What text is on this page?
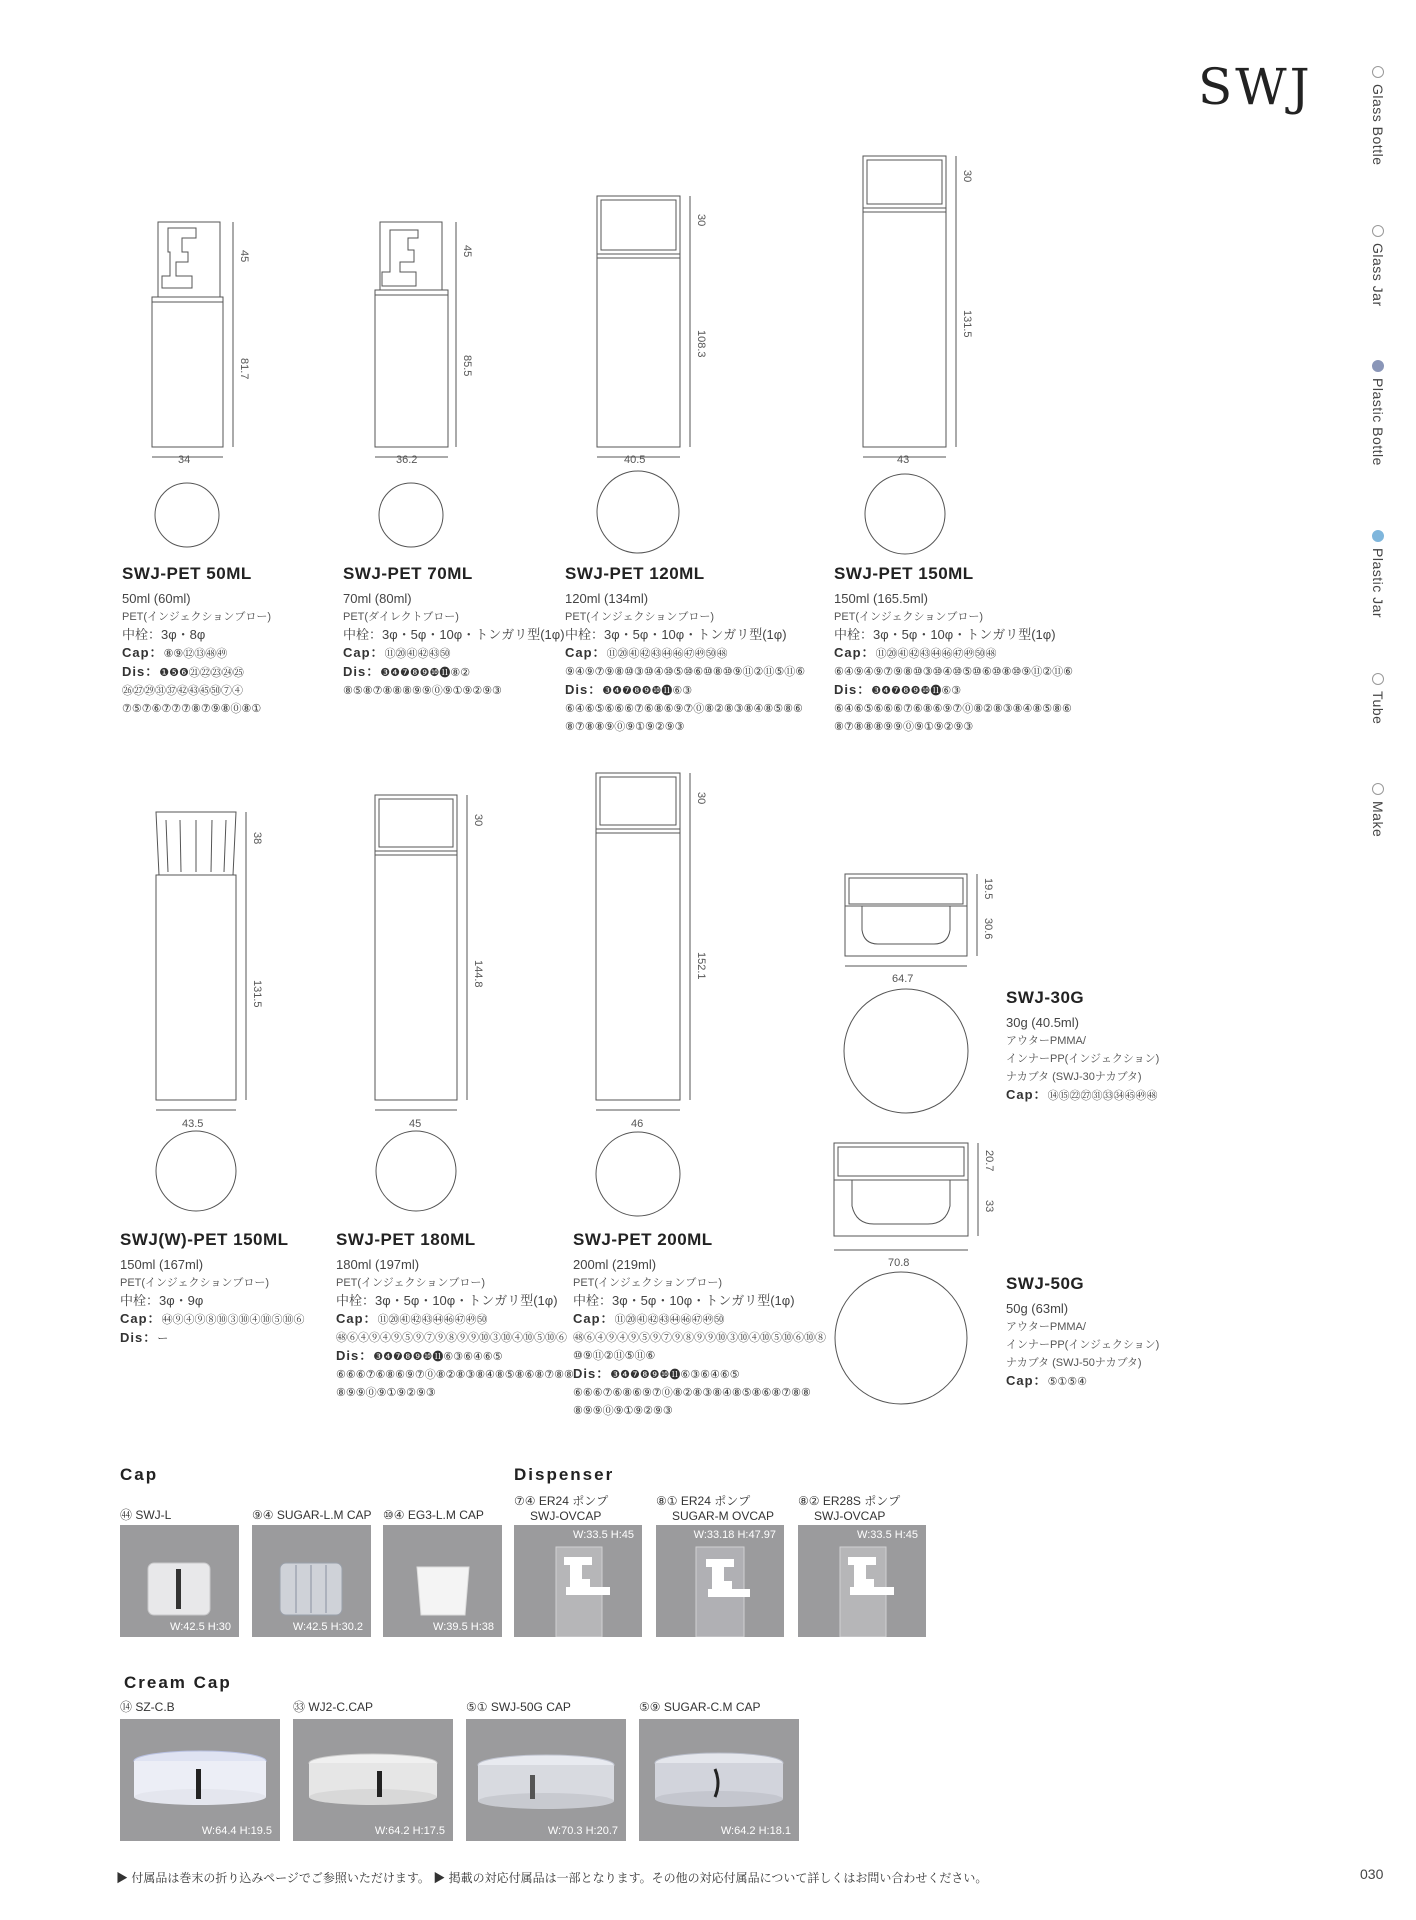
SWJ	Glass Bottle
Glass Jar
Plastic Bottle
Plastic Jar
Tube
Make
45
81.7
34
45
85.5
36.2
30
108.3
40.5
30
131.5
43
38
131.5
43.5
30
144.8
45
30
152.1
46
19.5
30.6
64.7
20.7
33
70.8
SWJ-PET 50ML
50ml (60ml)
PET(インジェクションブロー)
中栓：3φ・8φ
Cap：⑧⑨⑫⑬㊽㊾
Dis：❶❺❻㉑㉒㉓㉔㉕
㉖㉗㉙㉛㊲㊷㊸㊺㊿⑦④
⑦⑤⑦⑥⑦⑦⑦⑧⑦⑨⑧⓪⑧①
SWJ-PET 70ML
70ml (80ml)
PET(ダイレクトブロー)
中栓：3φ・5φ・10φ・トンガリ型(1φ)
Cap：⑪⑳㊶㊷㊸㊿
Dis：❸❹❼❽❾❿⓫⑧②
⑧⑤⑧⑦⑧⑧⑧⑨⑨⓪⑨①⑨②⑨③
SWJ-PET 120ML
120ml (134ml)
PET(インジェクションブロー)
中栓：3φ・5φ・10φ・トンガリ型(1φ)
Cap：⑪⑳㊶㊷㊸㊹㊻㊼㊾㊿㊽
⑨④⑨⑦⑨⑧⑩③⑩④⑩⑤⑩⑥⑩⑧⑩⑨⑪②⑪⑤⑪⑥
Dis：❸❹❼❽❾❿⓫⑥③
⑥④⑥⑤⑥⑥⑥⑦⑥⑧⑥⑨⑦⓪⑧②⑧③⑧④⑧⑤⑧⑥
⑧⑦⑧⑧⑨⓪⑨①⑨②⑨③
SWJ-PET 150ML
150ml (165.5ml)
PET(インジェクションブロー)
中栓：3φ・5φ・10φ・トンガリ型(1φ)
Cap：⑪⑳㊶㊷㊸㊹㊻㊼㊾㊿㊽
⑥④⑨④⑨⑦⑨⑧⑩③⑩④⑩⑤⑩⑥⑩⑧⑩⑨⑪②⑪⑥
Dis：❸❹❼❽❾❿⓫⑥③
⑥④⑥⑤⑥⑥⑥⑦⑥⑧⑥⑨⑦⓪⑧②⑧③⑧④⑧⑤⑧⑥
⑧⑦⑧⑧⑧⑨⑨⓪⑨①⑨②⑨③
SWJ(W)-PET 150ML
150ml (167ml)
PET(インジェクションブロー)
中栓：3φ・9φ
Cap：㊹⑨④⑨⑧⑩③⑩④⑩⑤⑩⑥
Dis：ー
SWJ-PET 180ML
180ml (197ml)
PET(インジェクションブロー)
中栓：3φ・5φ・10φ・トンガリ型(1φ)
Cap：⑪⑳㊶㊷㊸㊹㊻㊼㊾㊿
㊽⑥④⑨④⑨⑤⑨⑦⑨⑧⑨⑨⑩③⑩④⑩⑤⑩⑥
Dis：❸❹❼❽❾❿⓫⑥③⑥④⑥⑤
⑥⑥⑥⑦⑥⑧⑥⑨⑦⓪⑧②⑧③⑧④⑧⑤⑧⑥⑧⑦⑧⑧
⑧⑨⑨⓪⑨①⑨②⑨③
SWJ-PET 200ML
200ml (219ml)
PET(インジェクションブロー)
中栓：3φ・5φ・10φ・トンガリ型(1φ)
Cap：⑪⑳㊶㊷㊸㊹㊻㊼㊾㊿
㊽⑥④⑨④⑨⑤⑨⑦⑨⑧⑨⑨⑩③⑩④⑩⑤⑩⑥⑩⑧
⑩⑨⑪②⑪⑤⑪⑥
Dis：❸❹❼❽❾❿⓫⑥③⑥④⑥⑤
⑥⑥⑥⑦⑥⑧⑥⑨⑦⓪⑧②⑧③⑧④⑧⑤⑧⑥⑧⑦⑧⑧
⑧⑨⑨⓪⑨①⑨②⑨③
SWJ-30G
30g (40.5ml)
アウターPMMA/
インナーPP(インジェクション)
ナカブタ (SWJ-30ナカブタ)
Cap：⑭⑮㉒㉗㉛㉝㉞㊺㊾㊽
SWJ-50G
50g (63ml)
アウターPMMA/
インナーPP(インジェクション)
ナカブタ (SWJ-50ナカブタ)
Cap：⑤①⑤④
Cap	Dispenser
Cream Cap
㊹ SWJ-L
W:42.5 H:30
⑨④ SUGAR-L.M CAP
W:42.5 H:30.2
⑩④ EG3-L.M CAP
W:39.5 H:38
⑦④ ER24 ポンプ
SWJ-OVCAP
W:33.5 H:45
⑧① ER24 ポンプ
SUGAR-M OVCAP
W:33.18 H:47.97
⑧② ER28S ポンプ
SWJ-OVCAP
W:33.5 H:45
⑭ SZ-C.B
W:64.4 H:19.5
㉝ WJ2-C.CAP
W:64.2 H:17.5
⑤① SWJ-50G CAP
W:70.3 H:20.7
⑤⑨ SUGAR-C.M CAP
W:64.2 H:18.1
▶ 付属品は巻末の折り込みページでご参照いただけます。 ▶ 掲載の対応付属品は一部となります。その他の対応付属品について詳しくはお問い合わせください。	030
